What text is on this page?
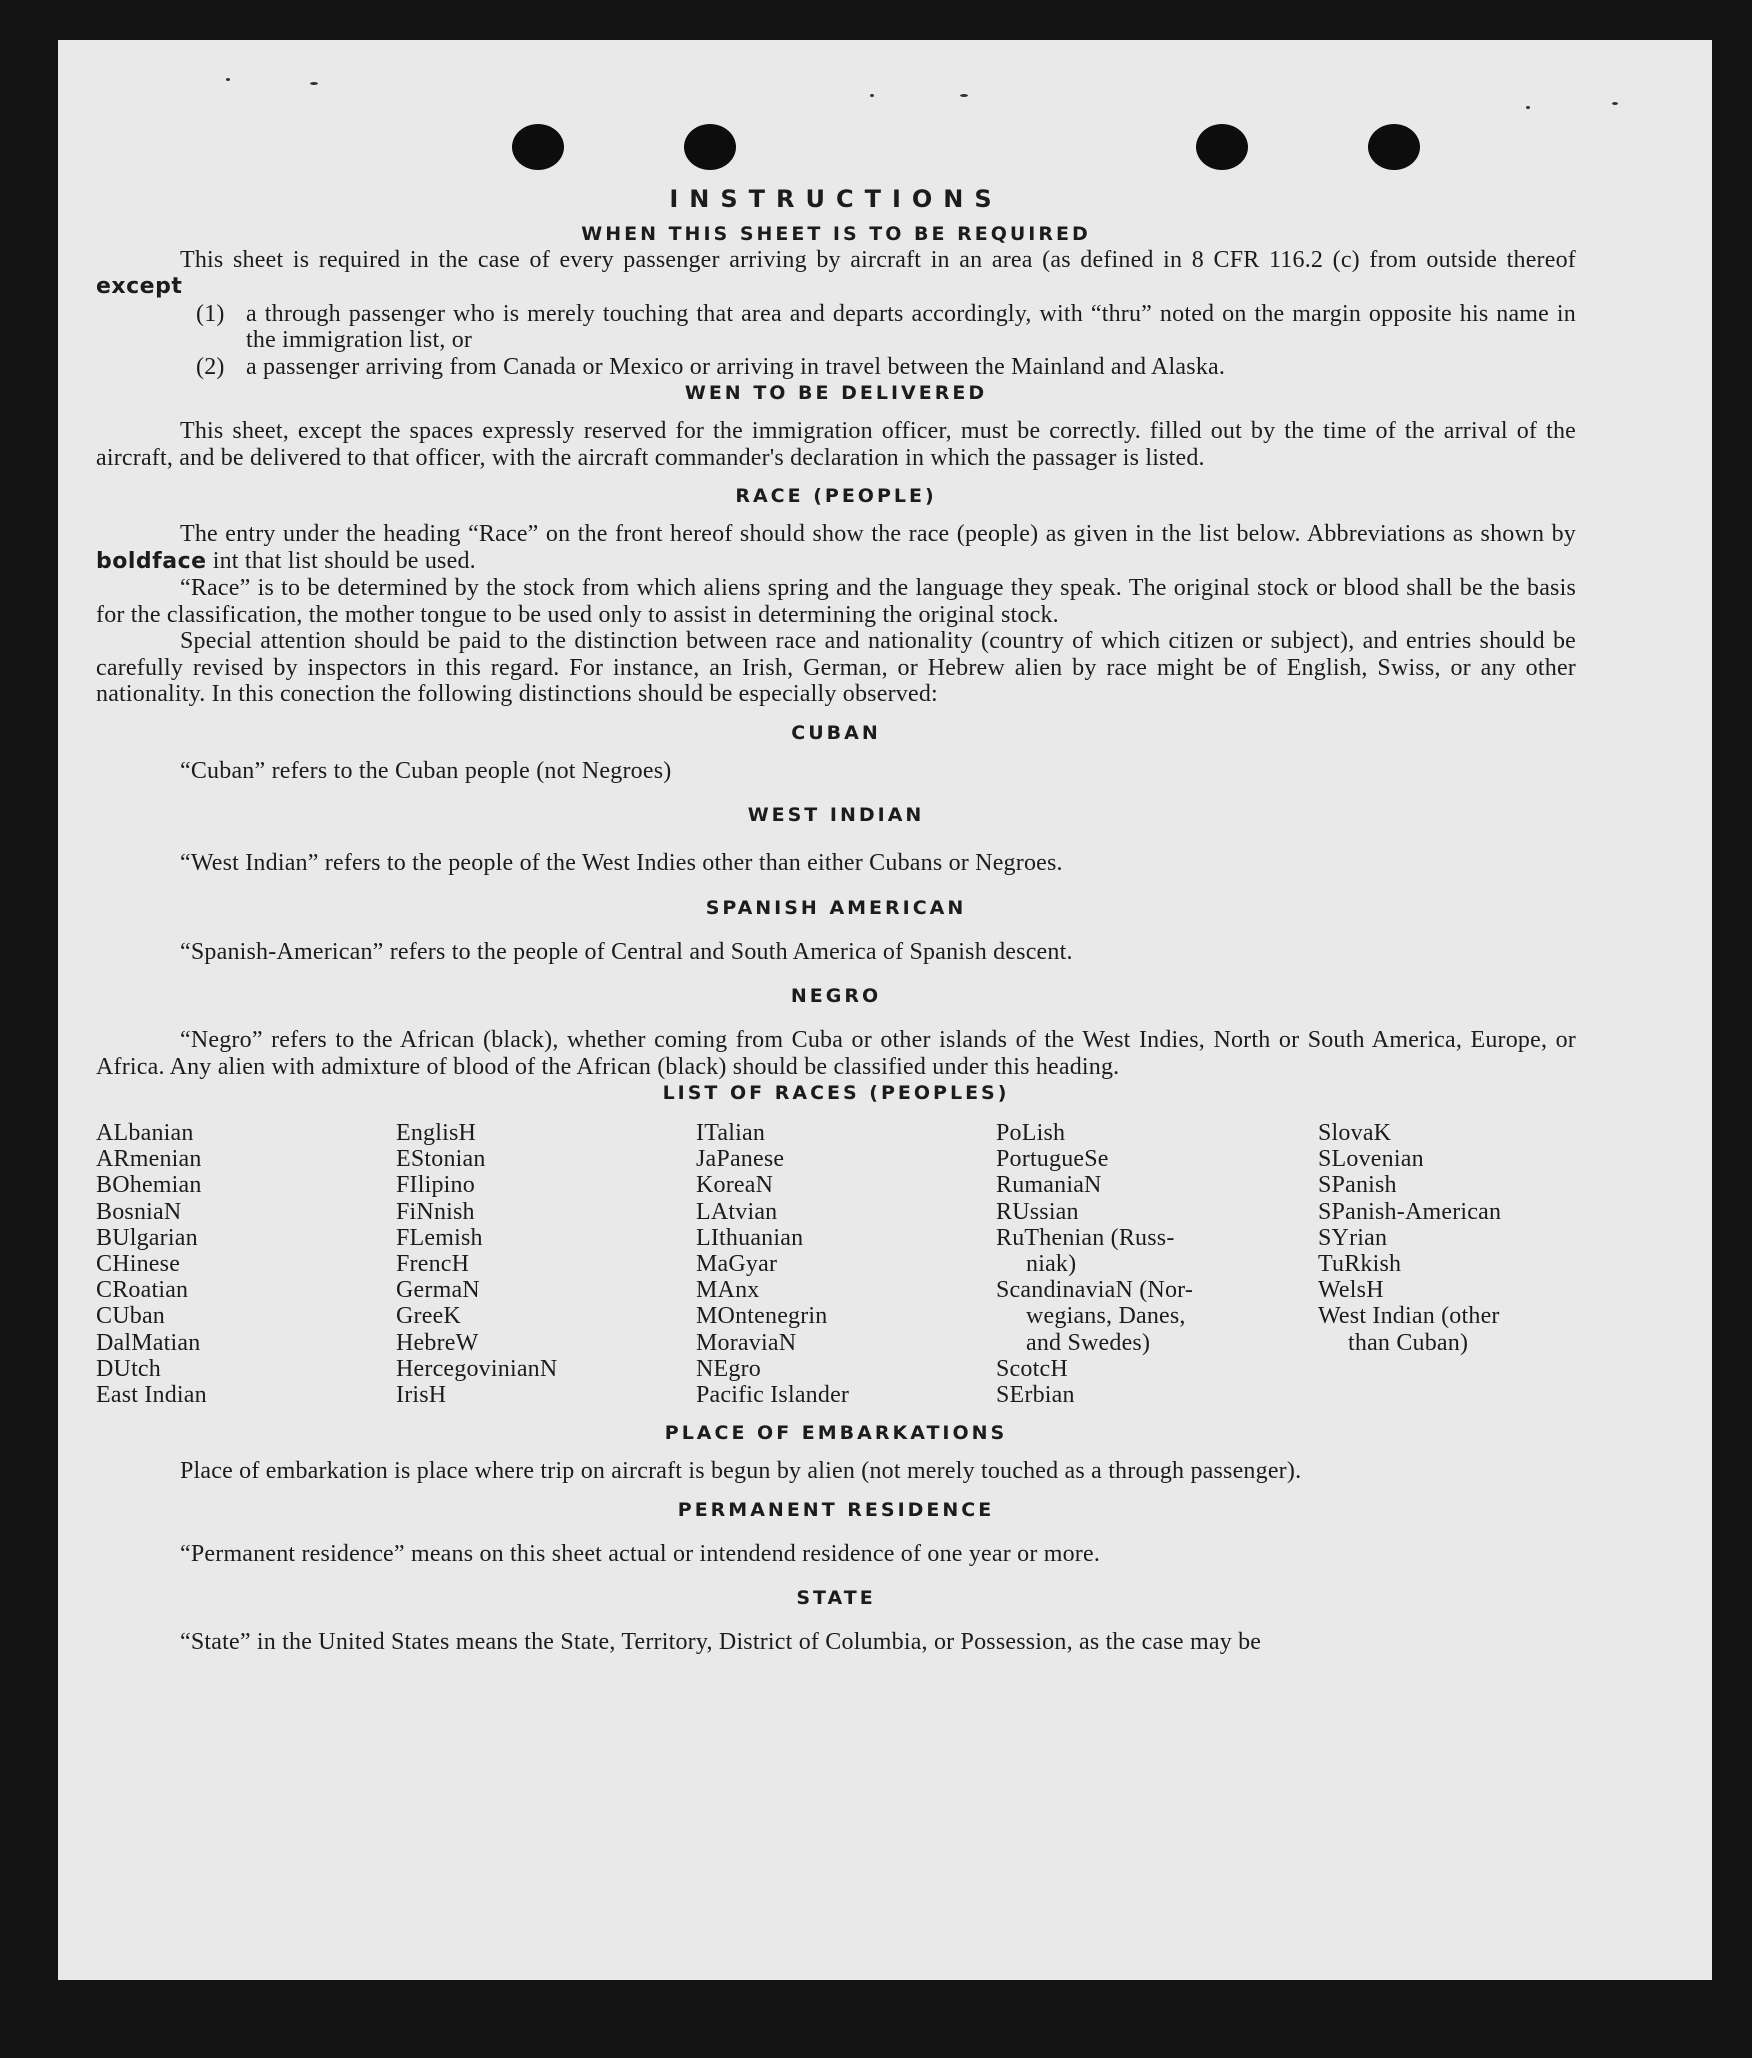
INSTRUCTIONS
WHEN THIS SHEET IS TO BE REQUIRED

This sheet is required in the case of every passenger arriving by aircraft in an area (as defined in 8 CFR 116.2 (c) from outside thereof except

(1) a through passenger who is merely touching that area and departs accordingly, with “thru” noted on the margin opposite his name in the immigration list, or

(2) a passenger arriving from Canada or Mexico or arriving in travel between the Mainland and Alaska.

WEN TO BE DELIVERED

This sheet, except the spaces expressly reserved for the immigration officer, must be correctly. filled out by the time of the arrival of the aircraft, and be delivered to that officer, with the aircraft commander's declaration in which the passager is listed.

RACE (PEOPLE)

The entry under the heading “Race” on the front hereof should show the race (people) as given in the list below. Abbreviations as shown by boldface int that list should be used.

“Race” is to be determined by the stock from which aliens spring and the language they speak. The original stock or blood shall be the basis for the classification, the mother tongue to be used only to assist in determining the original stock.

Special attention should be paid to the distinction between race and nationality (country of which citizen or subject), and entries should be carefully revised by inspectors in this regard. For instance, an Irish, German, or Hebrew alien by race might be of English, Swiss, or any other nationality. In this conection the following distinctions should be especially observed:

CUBAN

“Cuban” refers to the Cuban people (not Negroes)

WEST INDIAN

“West Indian” refers to the people of the West Indies other than either Cubans or Negroes.

SPANISH AMERICAN

“Spanish-American” refers to the people of Central and South America of Spanish descent.

NEGRO

“Negro” refers to the African (black), whether coming from Cuba or other islands of the West Indies, North or South America, Europe, or Africa. Any alien with admixture of blood of the African (black) should be classified under this heading.

LIST OF RACES (PEOPLES)
ALbanian
ARmenian
BOhemian
BosniaN
BUlgarian
CHinese
CRoatian
CUban
DalMatian
DUtch
East Indian
EnglisH
EStonian
FIlipino
FiNnish
FLemish
FrencH
GermaN
GreeK
HebreW
HercegovinianN
IrisH
ITalian
JaPanese
KoreaN
LAtvian
LIthuanian
MaGyar
MAnx
MOntenegrin
MoraviaN
NEgro
Pacific Islander
PoLish
PortugueSe
RumaniaN
RUssian
RuThenian (Russ-
niak)
ScandinaviaN (Nor-
wegians, Danes,
and Swedes)
ScotcH
SErbian
SlovaK
SLovenian
SPanish
SPanish-American
SYrian
TuRkish
WelsH
West Indian (other
than Cuban)
PLACE OF EMBARKATIONS

Place of embarkation is place where trip on aircraft is begun by alien (not merely touched as a through passenger).

PERMANENT RESIDENCE

“Permanent residence” means on this sheet actual or intendend residence of one year or more.

STATE

“State” in the United States means the State, Territory, District of Columbia, or Possession, as the case may be
